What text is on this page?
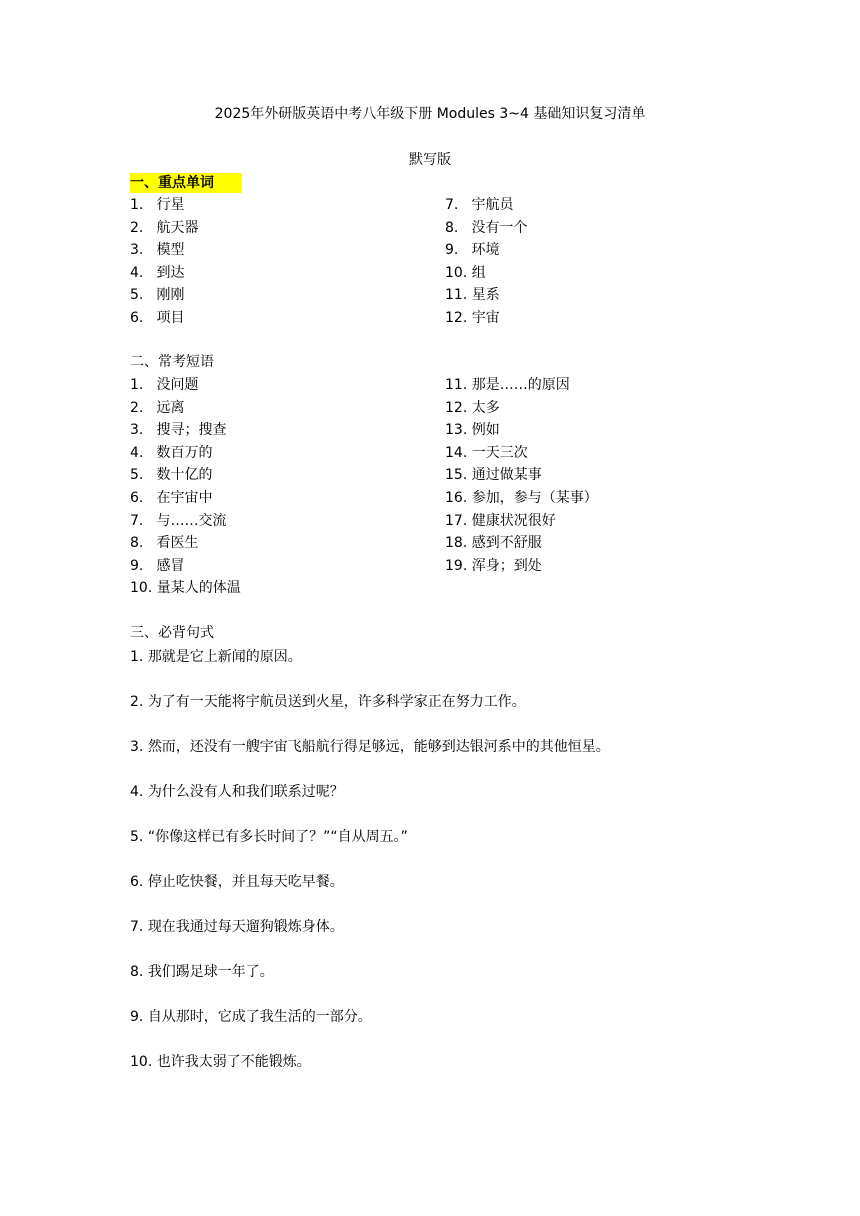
2025年外研版英语中考八年级下册 Modules 3~4 基础知识复习清单
默写版
一、重点单词
1. 行星
2. 航天器
3. 模型
4. 到达
5. 刚刚
6. 项目
7. 宇航员
8. 没有一个
9. 环境
10. 组
11. 星系
12. 宇宙
二、常考短语
1. 没问题
2. 远离
3. 搜寻；搜查
4. 数百万的
5. 数十亿的
6. 在宇宙中
7. 与……交流
8. 看医生
9. 感冒
10. 量某人的体温
11. 那是……的原因
12. 太多
13. 例如
14. 一天三次
15. 通过做某事
16. 参加，参与（某事）
17. 健康状况很好
18. 感到不舒服
19. 浑身；到处
三、必背句式
1. 那就是它上新闻的原因。
2. 为了有一天能将宇航员送到火星，许多科学家正在努力工作。
3. 然而，还没有一艘宇宙飞船航行得足够远，能够到达银河系中的其他恒星。
4. 为什么没有人和我们联系过呢？
5. “你像这样已有多长时间了？”“自从周五。”
6. 停止吃快餐，并且每天吃早餐。
7. 现在我通过每天遛狗锻炼身体。
8. 我们踢足球一年了。
9. 自从那时，它成了我生活的一部分。
10. 也许我太弱了不能锻炼。
